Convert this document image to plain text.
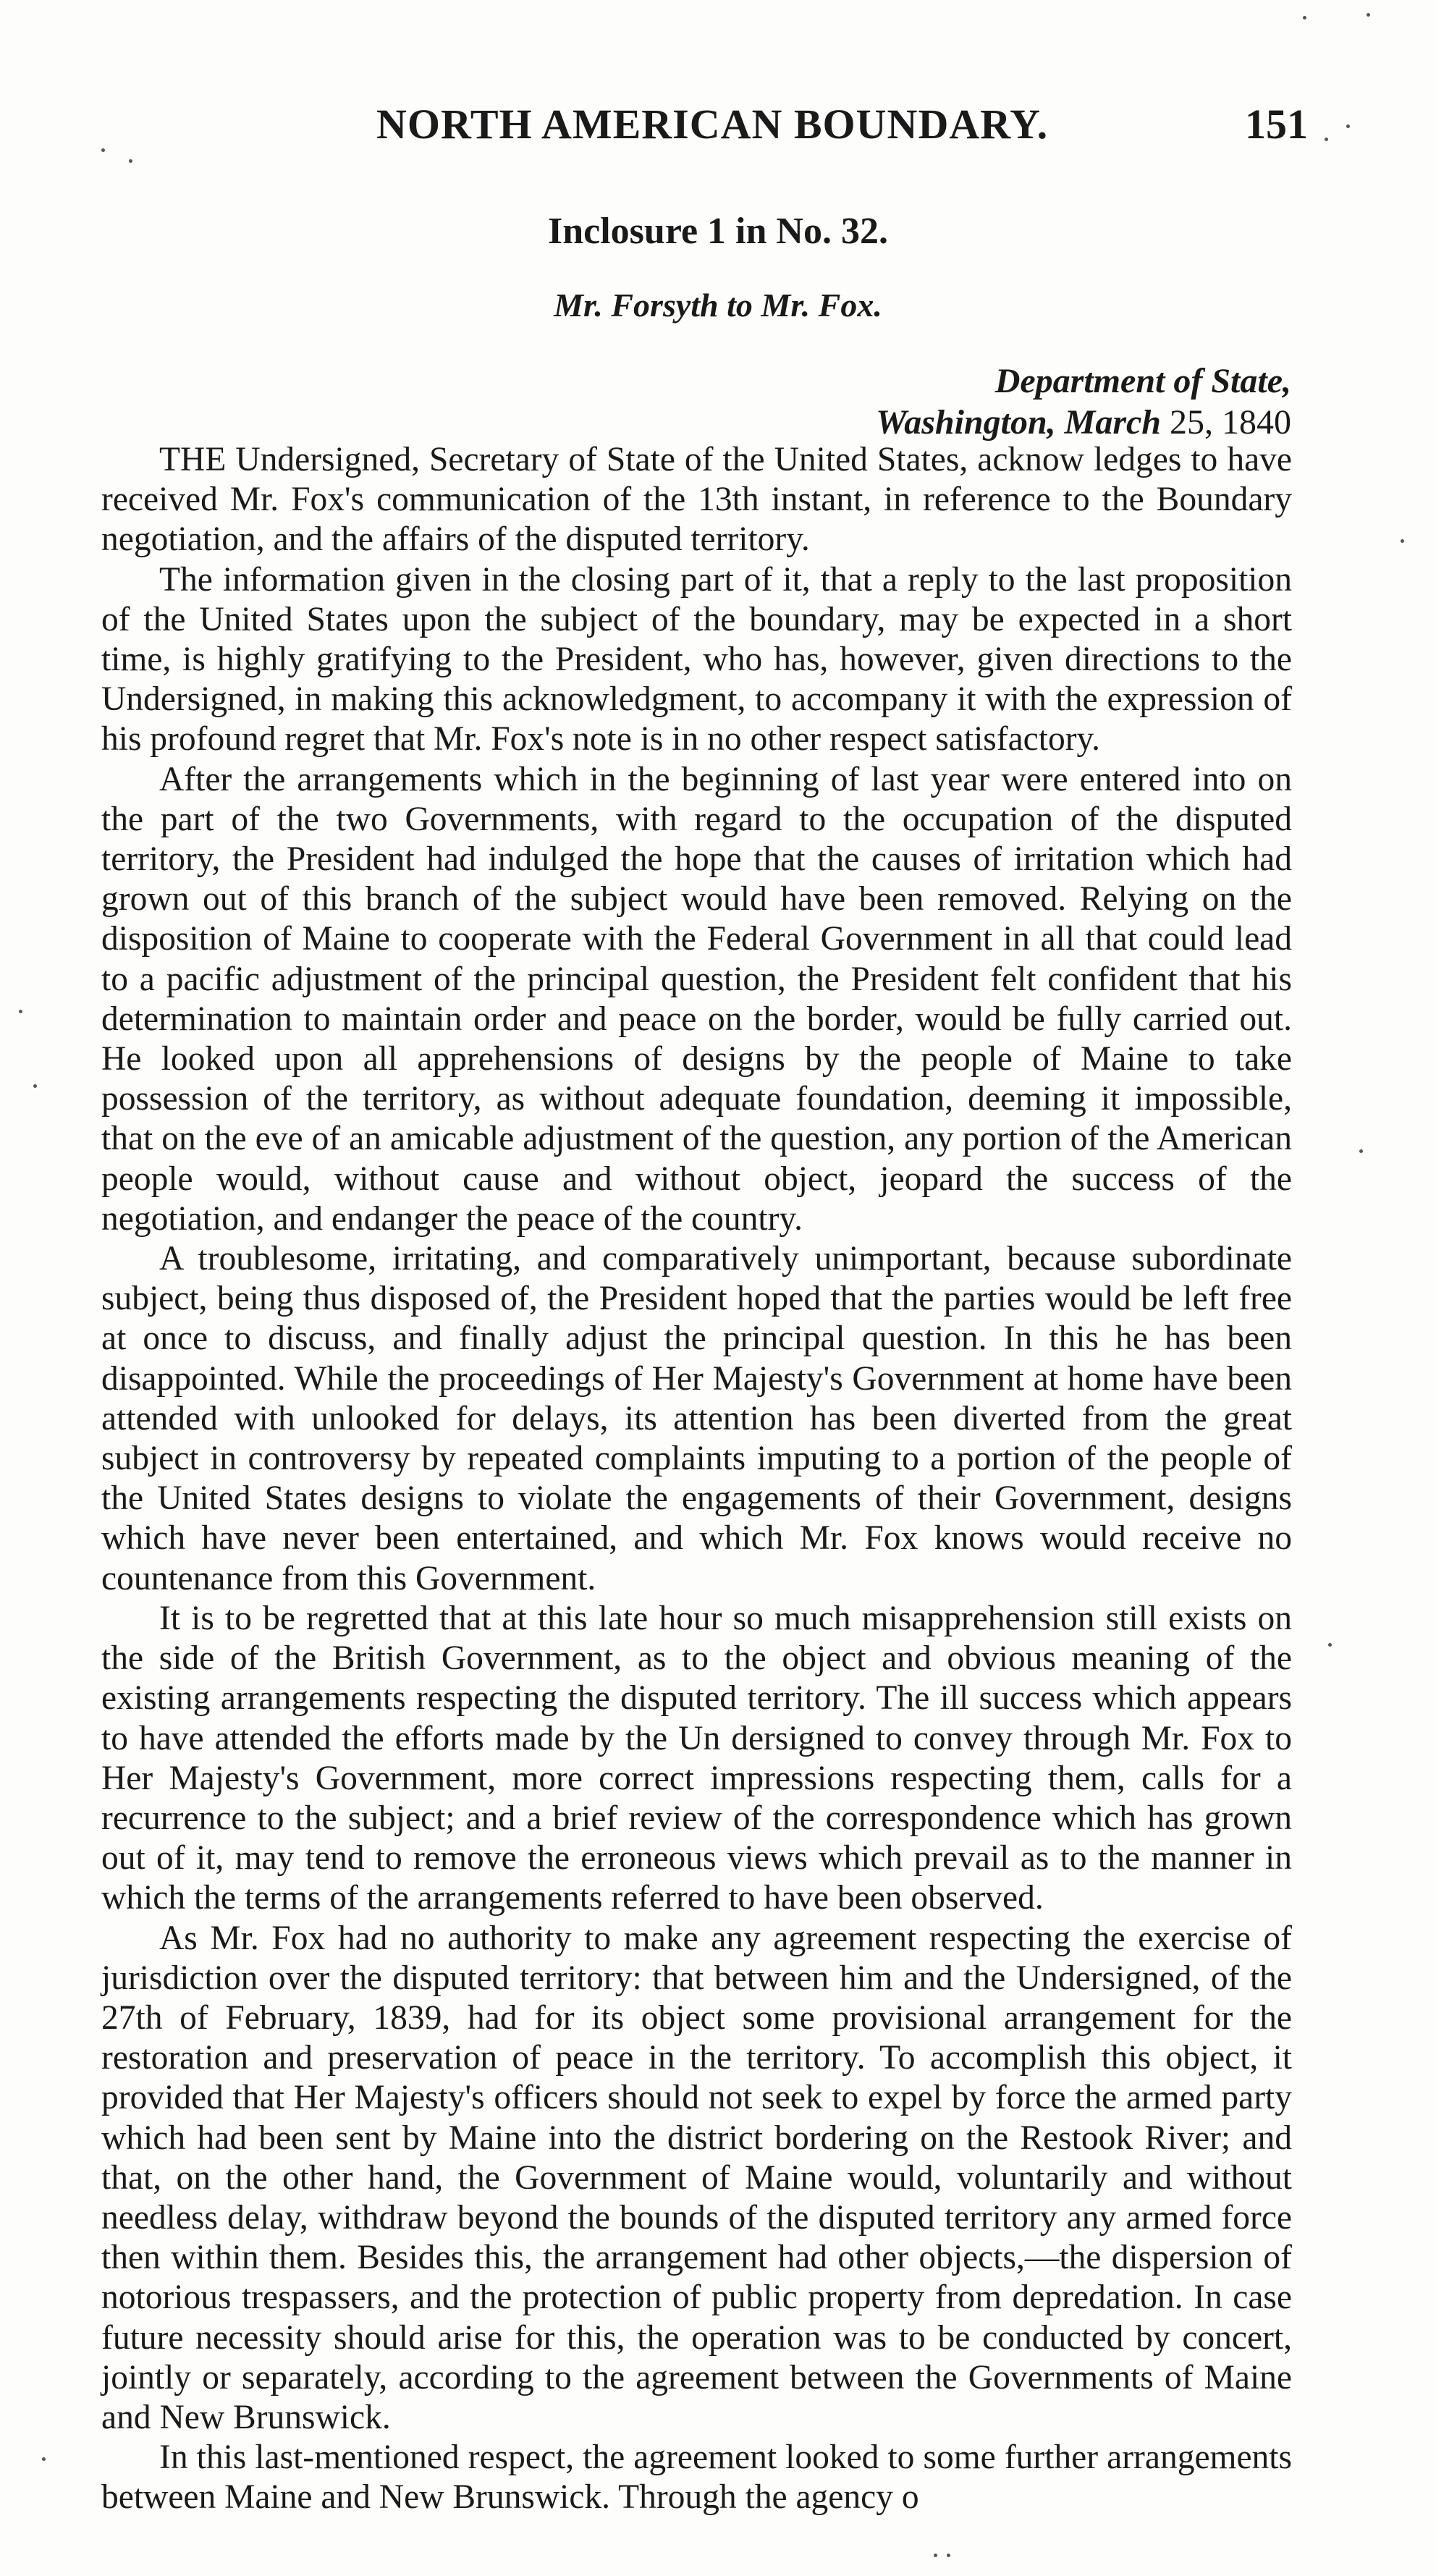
NORTH AMERICAN BOUNDARY.	151
Inclosure 1 in No. 32.
Mr. Forsyth to Mr. Fox.
Department of State,
Washington, March 25, 1840

THE Undersigned, Secretary of State of the United States, acknow ledges to have received Mr. Fox's communication of the 13th instant, in reference to the Boundary negotiation, and the affairs of the disputed territory.

The information given in the closing part of it, that a reply to the last proposition of the United States upon the subject of the boundary, may be expected in a short time, is highly gratifying to the President, who has, however, given directions to the Undersigned, in making this acknowledgment, to accompany it with the expression of his profound regret that Mr. Fox's note is in no other respect satisfactory.

After the arrangements which in the beginning of last year were entered into on the part of the two Governments, with regard to the occupation of the disputed territory, the President had indulged the hope that the causes of irritation which had grown out of this branch of the subject would have been removed. Relying on the disposition of Maine to cooperate with the Federal Government in all that could lead to a pacific adjustment of the principal question, the President felt confident that his determination to maintain order and peace on the border, would be fully carried out. He looked upon all apprehensions of designs by the people of Maine to take possession of the territory, as without adequate foundation, deeming it impossible, that on the eve of an amicable adjustment of the question, any portion of the American people would, without cause and without object, jeopard the success of the negotiation, and endanger the peace of the country.

A troublesome, irritating, and comparatively unimportant, because subordinate subject, being thus disposed of, the President hoped that the parties would be left free at once to discuss, and finally adjust the principal question. In this he has been disappointed. While the proceedings of Her Majesty's Government at home have been attended with unlooked for delays, its attention has been diverted from the great subject in controversy by repeated complaints imputing to a portion of the people of the United States designs to violate the engagements of their Government, designs which have never been entertained, and which Mr. Fox knows would receive no countenance from this Government.

It is to be regretted that at this late hour so much misapprehension still exists on the side of the British Government, as to the object and obvious meaning of the existing arrangements respecting the disputed territory. The ill success which appears to have attended the efforts made by the Un dersigned to convey through Mr. Fox to Her Majesty's Government, more correct impressions respecting them, calls for a recurrence to the subject; and a brief review of the correspondence which has grown out of it, may tend to remove the erroneous views which prevail as to the manner in which the terms of the arrangements referred to have been observed.

As Mr. Fox had no authority to make any agreement respecting the exercise of jurisdiction over the disputed territory: that between him and the Undersigned, of the 27th of February, 1839, had for its object some provisional arrangement for the restoration and preservation of peace in the territory. To accomplish this object, it provided that Her Majesty's officers should not seek to expel by force the armed party which had been sent by Maine into the district bordering on the Restook River; and that, on the other hand, the Government of Maine would, voluntarily and without needless delay, withdraw beyond the bounds of the disputed territory any armed force then within them. Besides this, the arrangement had other objects,—the dispersion of notorious trespassers, and the protection of public property from depredation. In case future necessity should arise for this, the operation was to be conducted by concert, jointly or separately, according to the agreement between the Governments of Maine and New Brunswick.

In this last-mentioned respect, the agreement looked to some further arrangements between Maine and New Brunswick. Through the agency o
